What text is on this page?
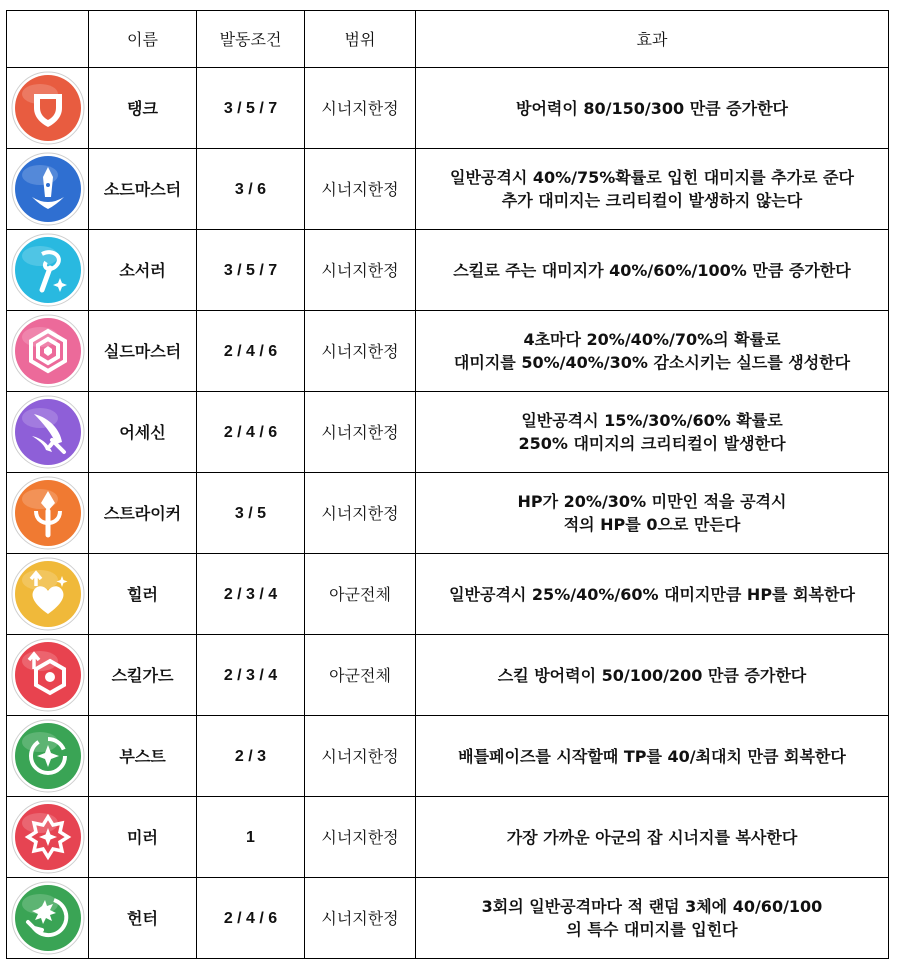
	이름	발동조건	범위	효과

	탱크	3 / 5 / 7	시너지한정	방어력이 80/150/300 만큼 증가한다

	소드마스터	3 / 6	시너지한정	일반공격시 40%/75%확률로 입힌 대미지를 추가로 준다
추가 대미지는 크리티컬이 발생하지 않는다

	소서러	3 / 5 / 7	시너지한정	스킬로 주는 대미지가 40%/60%/100% 만큼 증가한다

	실드마스터	2 / 4 / 6	시너지한정	4초마다 20%/40%/70%의 확률로
대미지를 50%/40%/30% 감소시키는 실드를 생성한다

	어세신	2 / 4 / 6	시너지한정	일반공격시 15%/30%/60% 확률로
250% 대미지의 크리티컬이 발생한다

	스트라이커	3 / 5	시너지한정	HP가 20%/30% 미만인 적을 공격시
적의 HP를 0으로 만든다

	힐러	2 / 3 / 4	아군전체	일반공격시 25%/40%/60% 대미지만큼 HP를 회복한다

	스킬가드	2 / 3 / 4	아군전체	스킬 방어력이 50/100/200 만큼 증가한다

	부스트	2 / 3	시너지한정	배틀페이즈를 시작할때 TP를 40/최대치 만큼 회복한다

	미러	1	시너지한정	가장 가까운 아군의 잡 시너지를 복사한다

	헌터	2 / 4 / 6	시너지한정	3회의 일반공격마다 적 랜덤 3체에 40/60/100
의 특수 대미지를 입힌다
